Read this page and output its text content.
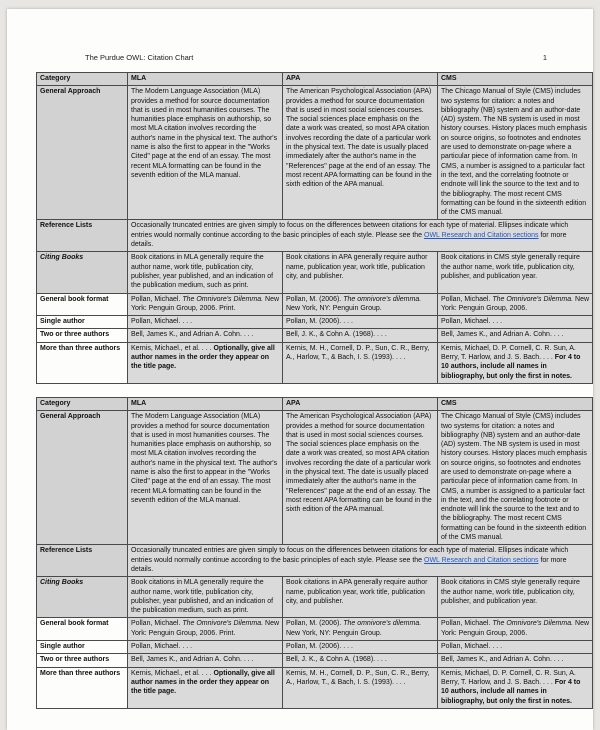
The Purdue OWL: Citation Chart	1
Category	MLA	APA	CMS
General Approach	The Modern Language Association (MLA) provides a method for source documentation that is used in most humanities courses. The humanities place emphasis on authorship, so most MLA citation involves recording the author's name in the physical text. The author's name is also the first to appear in the "Works Cited" page at the end of an essay. The most recent MLA formatting can be found in the seventh edition of the MLA manual.	The American Psychological Association (APA) provides a method for source documentation that is used in most social sciences courses. The social sciences place emphasis on the date a work was created, so most APA citation involves recording the date of a particular work in the physical text. The date is usually placed immediately after the author's name in the "References" page at the end of an essay. The most recent APA formatting can be found in the sixth edition of the APA manual.	The Chicago Manual of Style (CMS) includes two systems for citation: a notes and bibliography (NB) system and an author-date (AD) system. The NB system is used in most history courses. History places much emphasis on source origins, so footnotes and endnotes are used to demonstrate on-page where a particular piece of information came from. In CMS, a number is assigned to a particular fact in the text, and the correlating footnote or endnote will link the source to the text and to the bibliography. The most recent CMS formatting can be found in the sixteenth edition of the CMS manual.
Reference Lists	Occasionally truncated entries are given simply to focus on the differences between citations for each type of material. Ellipses indicate which entries would normally continue according to the basic principles of each style. Please see the OWL Research and Citation sections for more details.		
Citing Books	Book citations in MLA generally require the author name, work title, publication city, publisher, year published, and an indication of the publication medium, such as print.	Book citations in APA generally require author name, publication year, work title, publication city, and publisher.	Book citations in CMS style generally require the author name, work title, publication city, publisher, and publication year.
General book format	Pollan, Michael. The Omnivore's Dilemma. New York: Penguin Group, 2006. Print.	Pollan, M. (2006). The omnivore's dilemma. New York, NY: Penguin Group.	Pollan, Michael. The Omnivore's Dilemma. New York: Penguin Group, 2006.
Single author	Pollan, Michael. . . .	Pollan, M. (2006). . . .	Pollan, Michael. . . .
Two or three authors	Bell, James K., and Adrian A. Cohn. . . .	Bell, J. K., & Cohn A. (1968). . . .	Bell, James K., and Adrian A. Cohn. . . .
More than three authors	Kernis, Michael., et al. . . . Optionally, give all author names in the order they appear on the title page.	Kernis, M. H., Cornell, D. P., Sun, C. R., Berry, A., Harlow, T., & Bach, I. S. (1993). . . .	Kernis, Michael, D. P. Cornell, C. R. Sun, A. Berry, T. Harlow, and J. S. Bach. . . . For 4 to 10 authors, include all names in bibliography, but only the first in notes.
Category	MLA	APA	CMS
General Approach	The Modern Language Association (MLA) provides a method for source documentation that is used in most humanities courses. The humanities place emphasis on authorship, so most MLA citation involves recording the author's name in the physical text. The author's name is also the first to appear in the "Works Cited" page at the end of an essay. The most recent MLA formatting can be found in the seventh edition of the MLA manual.	The American Psychological Association (APA) provides a method for source documentation that is used in most social sciences courses. The social sciences place emphasis on the date a work was created, so most APA citation involves recording the date of a particular work in the physical text. The date is usually placed immediately after the author's name in the "References" page at the end of an essay. The most recent APA formatting can be found in the sixth edition of the APA manual.	The Chicago Manual of Style (CMS) includes two systems for citation: a notes and bibliography (NB) system and an author-date (AD) system. The NB system is used in most history courses. History places much emphasis on source origins, so footnotes and endnotes are used to demonstrate on-page where a particular piece of information came from. In CMS, a number is assigned to a particular fact in the text, and the correlating footnote or endnote will link the source to the text and to the bibliography. The most recent CMS formatting can be found in the sixteenth edition of the CMS manual.
Reference Lists	Occasionally truncated entries are given simply to focus on the differences between citations for each type of material. Ellipses indicate which entries would normally continue according to the basic principles of each style. Please see the OWL Research and Citation sections for more details.		
Citing Books	Book citations in MLA generally require the author name, work title, publication city, publisher, year published, and an indication of the publication medium, such as print.	Book citations in APA generally require author name, publication year, work title, publication city, and publisher.	Book citations in CMS style generally require the author name, work title, publication city, publisher, and publication year.
General book format	Pollan, Michael. The Omnivore's Dilemma. New York: Penguin Group, 2006. Print.	Pollan, M. (2006). The omnivore's dilemma. New York, NY: Penguin Group.	Pollan, Michael. The Omnivore's Dilemma. New York: Penguin Group, 2006.
Single author	Pollan, Michael. . . .	Pollan, M. (2006). . . .	Pollan, Michael. . . .
Two or three authors	Bell, James K., and Adrian A. Cohn. . . .	Bell, J. K., & Cohn A. (1968). . . .	Bell, James K., and Adrian A. Cohn. . . .
More than three authors	Kernis, Michael., et al. . . . Optionally, give all author names in the order they appear on the title page.	Kernis, M. H., Cornell, D. P., Sun, C. R., Berry, A., Harlow, T., & Bach, I. S. (1993). . . .	Kernis, Michael, D. P. Cornell, C. R. Sun, A. Berry, T. Harlow, and J. S. Bach. . . . For 4 to 10 authors, include all names in bibliography, but only the first in notes.
